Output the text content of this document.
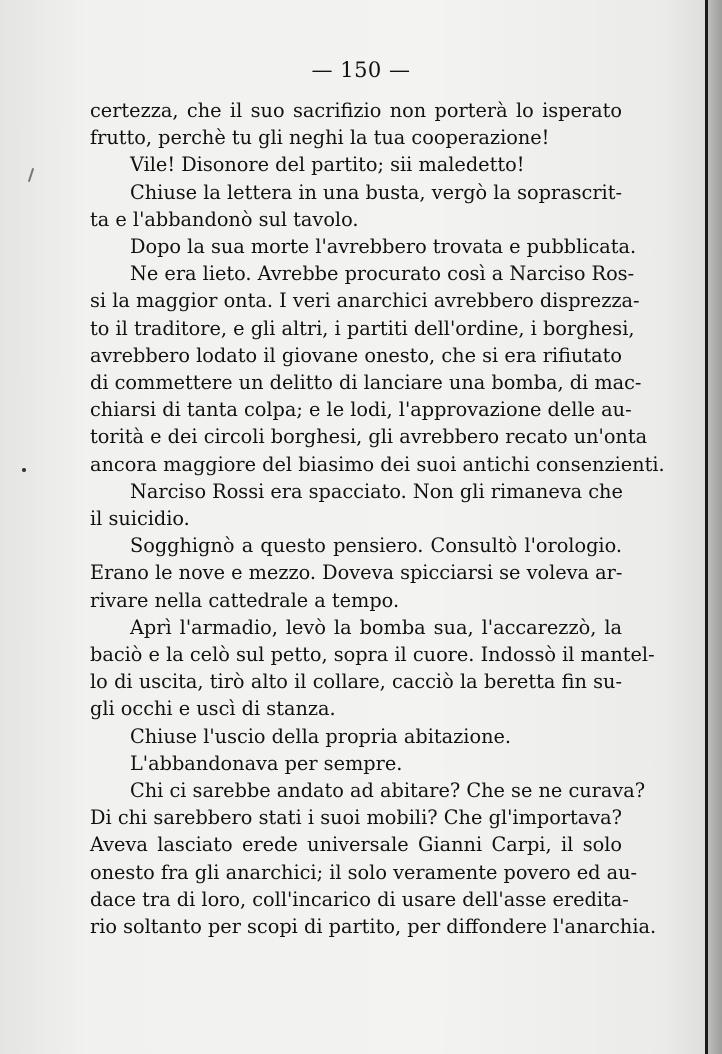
— 150 —
certezza, che il suo sacrifizio non porterà lo isperato
frutto, perchè tu gli neghi la tua cooperazione!
Vile! Disonore del partito; sii maledetto!
Chiuse la lettera in una busta, vergò la soprascrit-
ta e l'abbandonò sul tavolo.
Dopo la sua morte l'avrebbero trovata e pubblicata.
Ne era lieto. Avrebbe procurato così a Narciso Ros-
si la maggior onta. I veri anarchici avrebbero disprezza-
to il traditore, e gli altri, i partiti dell'ordine, i borghesi,
avrebbero lodato il giovane onesto, che si era rifiutato
di commettere un delitto di lanciare una bomba, di mac-
chiarsi di tanta colpa; e le lodi, l'approvazione delle au-
torità e dei circoli borghesi, gli avrebbero recato un'onta
ancora maggiore del biasimo dei suoi antichi consenzienti.
Narciso Rossi era spacciato. Non gli rimaneva che
il suicidio.
Sogghignò a questo pensiero. Consultò l'orologio.
Erano le nove e mezzo. Doveva spicciarsi se voleva ar-
rivare nella cattedrale a tempo.
Aprì l'armadio, levò la bomba sua, l'accarezzò, la
baciò e la celò sul petto, sopra il cuore. Indossò il mantel-
lo di uscita, tirò alto il collare, cacciò la beretta fin su-
gli occhi e uscì di stanza.
Chiuse l'uscio della propria abitazione.
L'abbandonava per sempre.
Chi ci sarebbe andato ad abitare? Che se ne curava?
Di chi sarebbero stati i suoi mobili? Che gl'importava?
Aveva lasciato erede universale Gianni Carpi, il solo
onesto fra gli anarchici; il solo veramente povero ed au-
dace tra di loro, coll'incarico di usare dell'asse eredita-
rio soltanto per scopi di partito, per diffondere l'anarchia.
